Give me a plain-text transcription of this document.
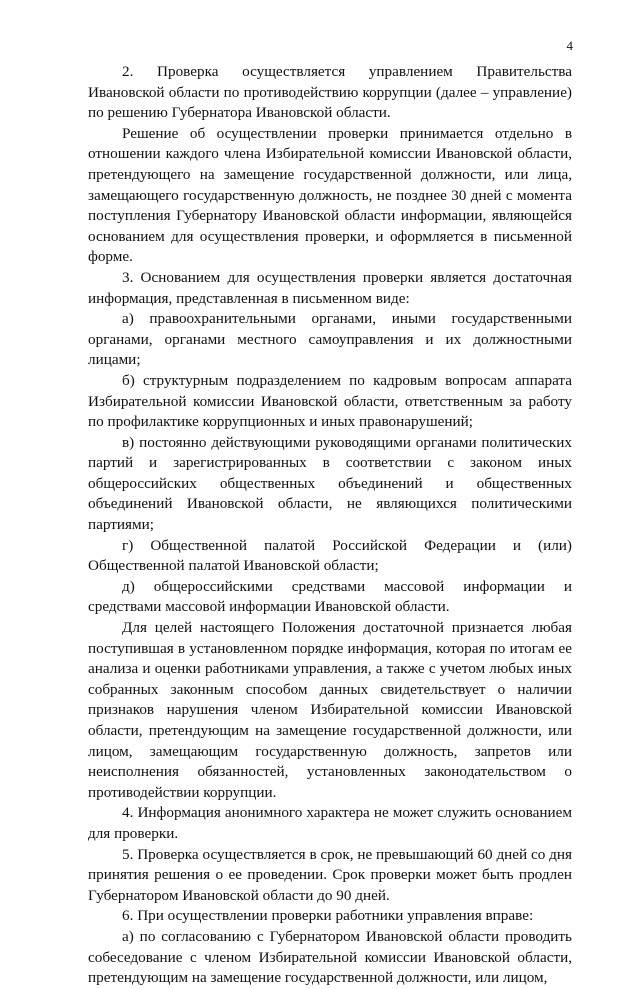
4

2. Проверка осуществляется управлением Правительства Ивановской области по противодействию коррупции (далее – управление) по решению Губернатора Ивановской области.

Решение об осуществлении проверки принимается отдельно в отношении каждого члена Избирательной комиссии Ивановской области, претендующего на замещение государственной должности, или лица, замещающего государственную должность, не позднее 30 дней с момента поступления Губернатору Ивановской области информации, являющейся основанием для осуществления проверки, и оформляется в письменной форме.

3. Основанием для осуществления проверки является достаточная информация, представленная в письменном виде:

а) правоохранительными органами, иными государственными органами, органами местного самоуправления и их должностными лицами;

б) структурным подразделением по кадровым вопросам аппарата Избирательной комиссии Ивановской области, ответственным за работу по профилактике коррупционных и иных правонарушений;

в) постоянно действующими руководящими органами политических партий и зарегистрированных в соответствии с законом иных общероссийских общественных объединений и общественных объединений Ивановской области, не являющихся политическими партиями;

г) Общественной палатой Российской Федерации и (или) Общественной палатой Ивановской области;

д) общероссийскими средствами массовой информации и средствами массовой информации Ивановской области.

Для целей настоящего Положения достаточной признается любая поступившая в установленном порядке информация, которая по итогам ее анализа и оценки работниками управления, а также с учетом любых иных собранных законным способом данных свидетельствует о наличии признаков нарушения членом Избирательной комиссии Ивановской области, претендующим на замещение государственной должности, или лицом, замещающим государственную должность, запретов или неисполнения обязанностей, установленных законодательством о противодействии коррупции.

4. Информация анонимного характера не может служить основанием для проверки.

5. Проверка осуществляется в срок, не превышающий 60 дней со дня принятия решения о ее проведении. Срок проверки может быть продлен Губернатором Ивановской области до 90 дней.

6. При осуществлении проверки работники управления вправе:

а) по согласованию с Губернатором Ивановской области проводить собеседование с членом Избирательной комиссии Ивановской области, претендующим на замещение государственной должности, или лицом,
